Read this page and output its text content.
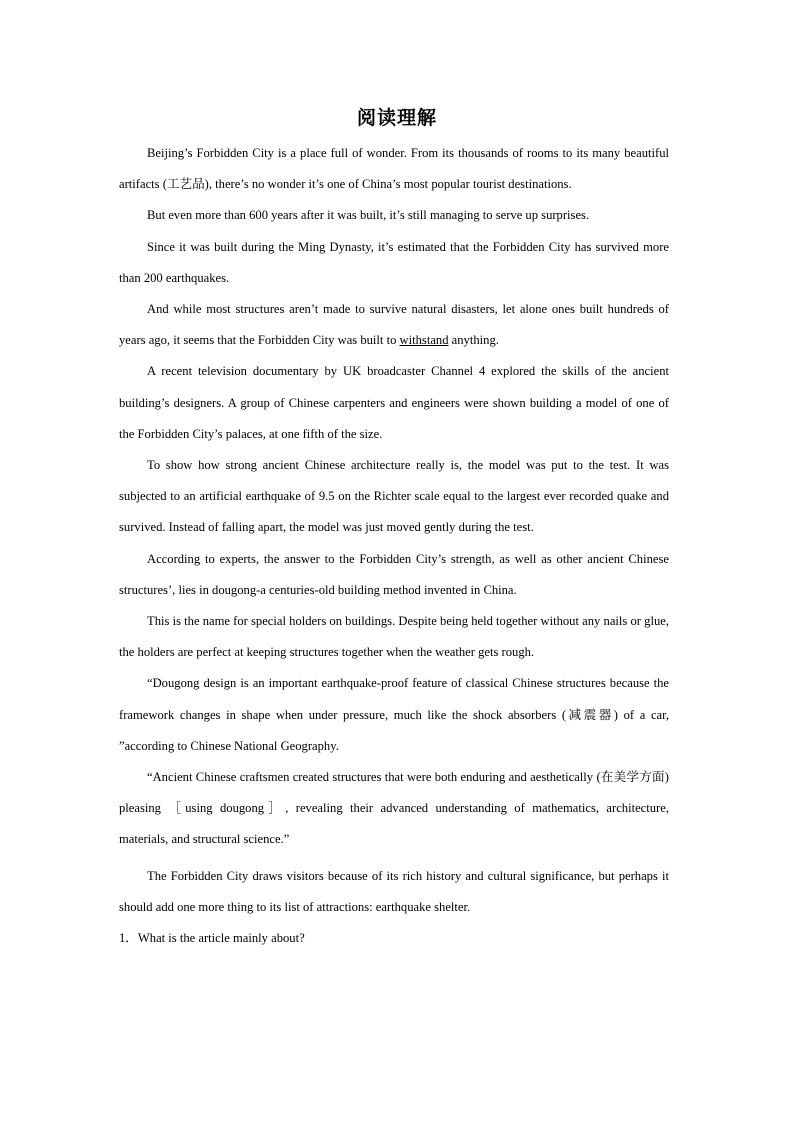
阅读理解

Beijing’s Forbidden City is a place full of wonder. From its thousands of rooms to its many beautiful artifacts (工艺品), there’s no wonder it’s one of China’s most popular tourist destinations.

But even more than 600 years after it was built, it’s still managing to serve up surprises.

Since it was built during the Ming Dynasty, it’s estimated that the Forbidden City has survived more than 200 earthquakes.

And while most structures aren’t made to survive natural disasters, let alone ones built hundreds of years ago, it seems that the Forbidden City was built to withstand anything.

A recent television documentary by UK broadcaster Channel 4 explored the skills of the ancient building’s designers. A group of Chinese carpenters and engineers were shown building a model of one of the Forbidden City’s palaces, at one fifth of the size.

To show how strong ancient Chinese architecture really is, the model was put to the test. It was subjected to an artificial earthquake of 9.5 on the Richter scale equal to the largest ever recorded quake and survived. Instead of falling apart, the model was just moved gently during the test.

According to experts, the answer to the Forbidden City’s strength, as well as other ancient Chinese structures’, lies in dougong-a centuries-old building method invented in China.

This is the name for special holders on buildings. Despite being held together without any nails or glue, the holders are perfect at keeping structures together when the weather gets rough.

“Dougong design is an important earthquake-proof feature of classical Chinese structures because the framework changes in shape when under pressure, much like the shock absorbers (减震器) of a car, ”according to Chinese National Geography.

“Ancient Chinese craftsmen created structures that were both enduring and aesthetically (在美学方面) pleasing ［using dougong］, revealing their advanced understanding of mathematics, architecture, materials, and structural science.”

The Forbidden City draws visitors because of its rich history and cultural significance, but perhaps it should add one more thing to its list of attractions: earthquake shelter.

1．What is the article mainly about?
